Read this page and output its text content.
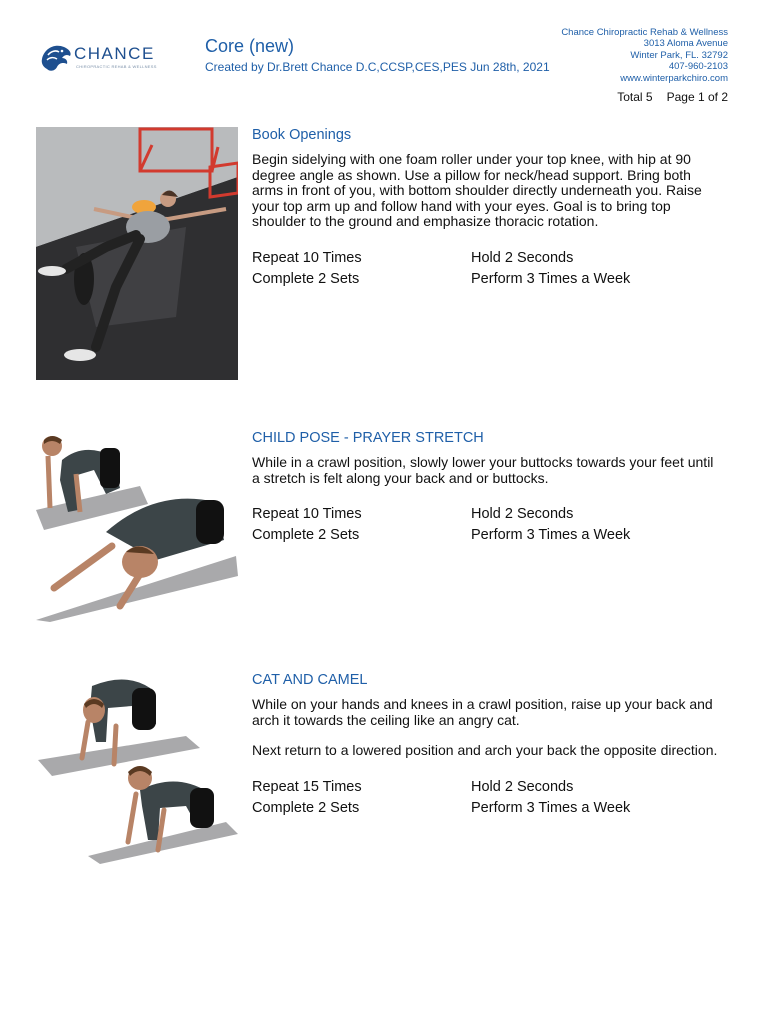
CHANCE
CHIROPRACTIC REHAB & WELLNESS
Core (new)
Created by Dr.Brett Chance D.C,CCSP,CES,PES Jun 28th, 2021
Chance Chiropractic Rehab & Wellness
3013 Aloma Avenue
Winter Park, FL. 32792
407-960-2103
www.winterparkchiro.com
Total 5 Page 1 of 2
Book Openings

Begin sidelying with one foam roller under your top knee, with hip at 90 degree angle as shown. Use a pillow for neck/head support. Bring both arms in front of you, with bottom shoulder directly underneath you. Raise your top arm up and follow hand with your eyes. Goal is to bring top shoulder to the ground and emphasize thoracic rotation.

Repeat 10 Times	Hold 2 Seconds
Complete 2 Sets	Perform 3 Times a Week
CHILD POSE - PRAYER STRETCH

While in a crawl position, slowly lower your buttocks towards your feet until a stretch is felt along your back and or buttocks.

Repeat 10 Times	Hold 2 Seconds
Complete 2 Sets	Perform 3 Times a Week
CAT AND CAMEL

While on your hands and knees in a crawl position, raise up your back and arch it towards the ceiling like an angry cat.

Next return to a lowered position and arch your back the opposite direction.

Repeat 15 Times	Hold 2 Seconds
Complete 2 Sets	Perform 3 Times a Week
